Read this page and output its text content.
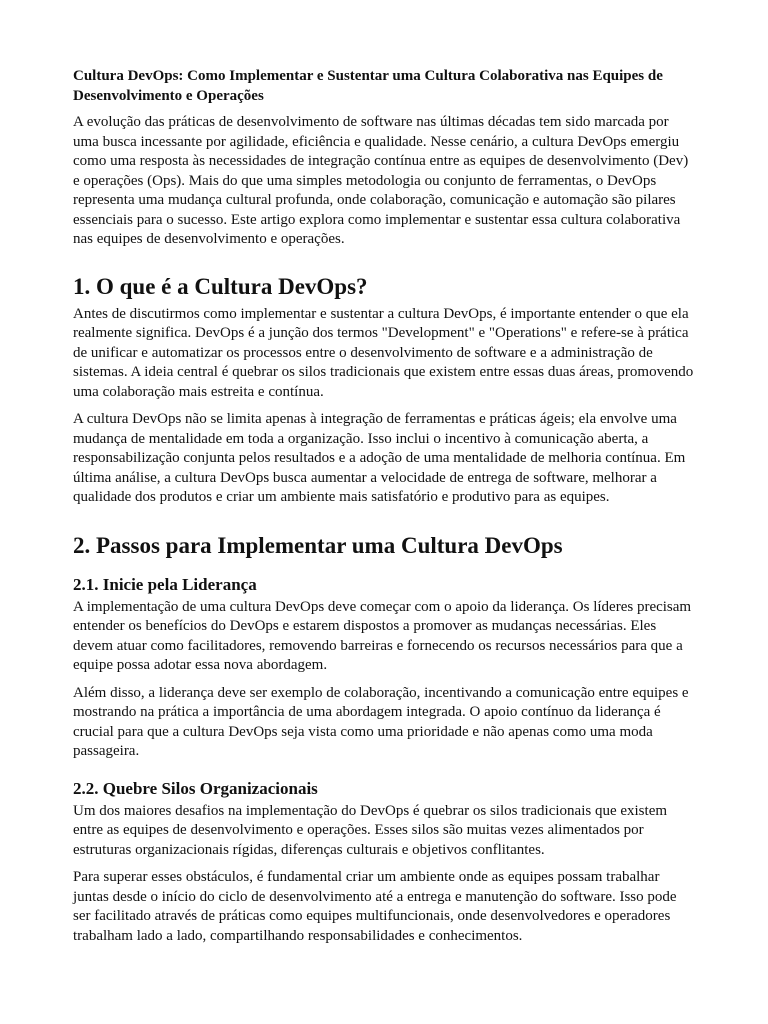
Cultura DevOps: Como Implementar e Sustentar uma Cultura Colaborativa nas Equipes de Desenvolvimento e Operações

A evolução das práticas de desenvolvimento de software nas últimas décadas tem sido marcada por uma busca incessante por agilidade, eficiência e qualidade. Nesse cenário, a cultura DevOps emergiu como uma resposta às necessidades de integração contínua entre as equipes de desenvolvimento (Dev) e operações (Ops). Mais do que uma simples metodologia ou conjunto de ferramentas, o DevOps representa uma mudança cultural profunda, onde colaboração, comunicação e automação são pilares essenciais para o sucesso. Este artigo explora como implementar e sustentar essa cultura colaborativa nas equipes de desenvolvimento e operações.

1. O que é a Cultura DevOps?

Antes de discutirmos como implementar e sustentar a cultura DevOps, é importante entender o que ela realmente significa. DevOps é a junção dos termos "Development" e "Operations" e refere-se à prática de unificar e automatizar os processos entre o desenvolvimento de software e a administração de sistemas. A ideia central é quebrar os silos tradicionais que existem entre essas duas áreas, promovendo uma colaboração mais estreita e contínua.

A cultura DevOps não se limita apenas à integração de ferramentas e práticas ágeis; ela envolve uma mudança de mentalidade em toda a organização. Isso inclui o incentivo à comunicação aberta, a responsabilização conjunta pelos resultados e a adoção de uma mentalidade de melhoria contínua. Em última análise, a cultura DevOps busca aumentar a velocidade de entrega de software, melhorar a qualidade dos produtos e criar um ambiente mais satisfatório e produtivo para as equipes.

2. Passos para Implementar uma Cultura DevOps
2.1. Inicie pela Liderança

A implementação de uma cultura DevOps deve começar com o apoio da liderança. Os líderes precisam entender os benefícios do DevOps e estarem dispostos a promover as mudanças necessárias. Eles devem atuar como facilitadores, removendo barreiras e fornecendo os recursos necessários para que a equipe possa adotar essa nova abordagem.

Além disso, a liderança deve ser exemplo de colaboração, incentivando a comunicação entre equipes e mostrando na prática a importância de uma abordagem integrada. O apoio contínuo da liderança é crucial para que a cultura DevOps seja vista como uma prioridade e não apenas como uma moda passageira.

2.2. Quebre Silos Organizacionais

Um dos maiores desafios na implementação do DevOps é quebrar os silos tradicionais que existem entre as equipes de desenvolvimento e operações. Esses silos são muitas vezes alimentados por estruturas organizacionais rígidas, diferenças culturais e objetivos conflitantes.

Para superar esses obstáculos, é fundamental criar um ambiente onde as equipes possam trabalhar juntas desde o início do ciclo de desenvolvimento até a entrega e manutenção do software. Isso pode ser facilitado através de práticas como equipes multifuncionais, onde desenvolvedores e operadores trabalham lado a lado, compartilhando responsabilidades e conhecimentos.
